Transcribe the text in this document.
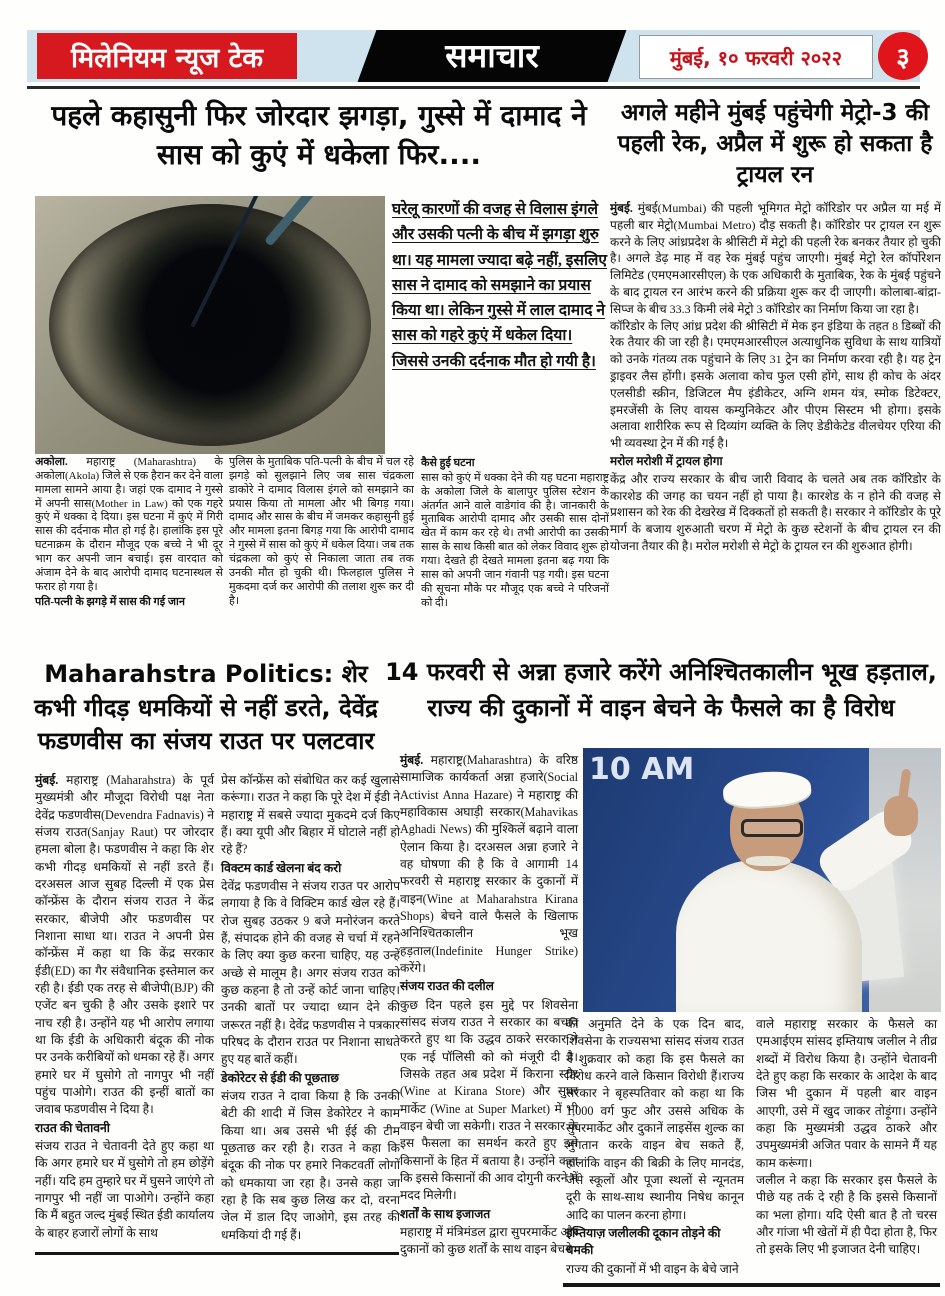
मिलेनियम न्यूज टेक	समाचार	मुंबई, १० फरवरी २०२२ ३
पहले कहासुनी फिर जोरदार झगड़ा, गुस्से में दामाद ने सास को कुएं में धकेला फिर....
घरेलू कारणों की वजह से विलास इंगले और उसकी पत्नी के बीच में झगड़ा शुरु था। यह मामला ज्यादा बढ़े नहीं, इसलिए सास ने दामाद को समझाने का प्रयास किया था। लेकिन गुस्से में लाल दामाद ने सास को गहरे कुएं में धकेल दिया। जिससे उनकी दर्दनाक मौत हो गयी है।

अकोला. महाराष्ट्र (Maharashtra) के अकोला(Akola) जिले से एक हैरान कर देने वाला मामला सामने आया है। जहां एक दामाद ने गुस्से में अपनी सास(Mother in Law) को एक गहरे कुएं में धक्का दे दिया। इस घटना में कुएं में गिरी सास की दर्दनाक मौत हो गई है। हालांकि इस पूरे घटनाक्रम के दौरान मौजूद एक बच्चे ने भी दूर भाग कर अपनी जान बचाई। इस वारदात को अंजाम देने के बाद आरोपी दामाद घटनास्थल से फरार हो गया है।

पति-पत्नी के झगड़े में सास की गई जान

पुलिस के मुताबिक पति-पत्नी के बीच में चल रहे झगड़े को सुलझाने लिए जब सास चंद्रकला डाकोरे ने दामाद विलास इंगले को समझाने का प्रयास किया तो मामला और भी बिगड़ गया। दामाद और सास के बीच में जमकर कहासुनी हुई और मामला इतना बिगड़ गया कि आरोपी दामाद ने गुस्से में सास को कुएं में धकेल दिया। जब तक चंद्रकला को कुएं से निकाला जाता तब तक उनकी मौत हो चुकी थी। फिलहाल पुलिस ने मुकदमा दर्ज कर आरोपी की तलाश शुरू कर दी है।

कैसे हुई घटना

सास को कुएं में धक्का देने की यह घटना महाराष्ट्र के अकोला जिले के बालापुर पुलिस स्टेशन के अंतर्गत आने वाले वाडेगांव की है। जानकारी के मुताबिक आरोपी दामाद और उसकी सास दोनों खेत में काम कर रहे थे। तभी आरोपी का उसकी सास के साथ किसी बात को लेकर विवाद शुरू हो गया। देखते ही देखते मामला इतना बढ़ गया कि सास को अपनी जान गंवानी पड़ गयी। इस घटना की सूचना मौके पर मौजूद एक बच्चे ने परिजनों को दी।

अगले महीने मुंबई पहुंचेगी मेट्रो-3 की पहली रेक, अप्रैल में शुरू हो सकता है ट्रायल रन

मुंबई. मुंबई(Mumbai) की पहली भूमिगत मेट्रो कॉरिडोर पर अप्रैल या मई में पहली बार मेट्रो(Mumbai Metro) दौड़ सकती है। कॉरिडोर पर ट्रायल रन शुरू करने के लिए आंध्रप्रदेश के श्रीसिटी में मेट्रो की पहली रेक बनकर तैयार हो चुकी है। अगले डेढ़ माह में वह रेक मुंबई पहुंच जाएगी। मुंबई मेट्रो रेल कॉर्पोरेशन लिमिटेड (एमएमआरसीएल) के एक अधिकारी के मुताबिक, रेक के मुंबई पहुंचने के बाद ट्रायल रन आरंभ करने की प्रक्रिया शुरू कर दी जाएगी। कोलाबा-बांद्रा-सिप्ज के बीच 33.3 किमी लंबे मेट्रो 3 कॉरिडोर का निर्माण किया जा रहा है।

कॉरिडोर के लिए आंध्र प्रदेश की श्रीसिटी में मेक इन इंडिया के तहत 8 डिब्बों की रेक तैयार की जा रही है। एमएमआरसीएल अत्याधुनिक सुविधा के साथ यात्रियों को उनके गंतव्य तक पहुंचाने के लिए 31 ट्रेन का निर्माण करवा रही है। यह ट्रेन ड्राइवर लैस होंगी। इसके अलावा कोच फुल एसी होंगे, साथ ही कोच के अंदर एलसीडी स्क्रीन, डिजिटल मैप इंडीकेटर, अग्नि शमन यंत्र, स्मोक डिटेक्टर, इमरजेंसी के लिए वायस कम्युनिकेटर और पीएम सिस्टम भी होगा। इसके अलावा शारीरिक रूप से दिव्यांग व्यक्ति के लिए डेडीकेटेड वीलचेयर एरिया की भी व्यवस्था ट्रेन में की गई है।

मरोल मरोशी में ट्रायल होगा

केंद्र और राज्य सरकार के बीच जारी विवाद के चलते अब तक कॉरिडोर के कारशेड की जगह का चयन नहीं हो पाया है। कारशेड के न होने की वजह से प्रशासन को रेक की देखरेख में दिक्कतों हो सकती है। सरकार ने कॉरिडोर के पूरे मार्ग के बजाय शुरुआती चरण में मेट्रो के कुछ स्टेशनों के बीच ट्रायल रन की योजना तैयार की है। मरोल मरोशी से मेट्रो के ट्रायल रन की शुरुआत होगी।

Maharahstra Politics: शेर कभी गीदड़ धमकियों से नहीं डरते, देवेंद्र फडणवीस का संजय राउत पर पलटवार

मुंबई. महाराष्ट्र (Maharahstra) के पूर्व मुख्यमंत्री और मौजूदा विरोधी पक्ष नेता देवेंद्र फडणवीस(Devendra Fadnavis) ने संजय राउत(Sanjay Raut) पर जोरदार हमला बोला है। फडणवीस ने कहा कि शेर कभी गीदड़ धमकियों से नहीं डरते हैं। दरअसल आज सुबह दिल्ली में एक प्रेस कॉन्फ्रेंस के दौरान संजय राउत ने केंद्र सरकार, बीजेपी और फडणवीस पर निशाना साधा था। राउत ने अपनी प्रेस कॉन्फ्रेंस में कहा था कि केंद्र सरकार ईडी(ED) का गैर संवैधानिक इस्तेमाल कर रही है। ईडी एक तरह से बीजेपी(BJP) की एजेंट बन चुकी है और उसके इशारे पर नाच रही है। उन्होंने यह भी आरोप लगाया था कि ईडी के अधिकारी बंदूक की नोक पर उनके करीबियों को धमका रहे हैं। अगर हमारे घर में घुसोगे तो नागपुर भी नहीं पहुंच पाओगे। राउत की इन्हीं बातों का जवाब फडणवीस ने दिया है।

राउत की चेतावनी

संजय राउत ने चेतावनी देते हुए कहा था कि अगर हमारे घर में घुसोगे तो हम छोड़ेंगे नहीं। यदि हम तुम्हारे घर में घुसने जाएंगे तो नागपुर भी नहीं जा पाओगे। उन्होंने कहा कि मैं बहुत जल्द मुंबई स्थित ईडी कार्यालय के बाहर हजारों लोगों के साथ

प्रेस कॉन्फ्रेंस को संबोधित कर कई खुलासे करूंगा। राउत ने कहा कि पूरे देश में ईडी ने महाराष्ट्र में सबसे ज्यादा मुकदमे दर्ज किए हैं। क्या यूपी और बिहार में घोटाले नहीं हो रहे हैं?

विक्टम कार्ड खेलना बंद करो

देवेंद्र फडणवीस ने संजय राउत पर आरोप लगाया है कि वे विक्टिम कार्ड खेल रहे हैं। रोज सुबह उठकर 9 बजे मनोरंजन करते हैं, संपादक होने की वजह से चर्चा में रहने के लिए क्या कुछ करना चाहिए, यह उन्हें अच्छे से मालूम है। अगर संजय राउत को कुछ कहना है तो उन्हें कोर्ट जाना चाहिए। उनकी बातों पर ज्यादा ध्यान देने की जरूरत नहीं है। देवेंद्र फडणवीस ने पत्रकार परिषद के दौरान राउत पर निशाना साधते हुए यह बातें कहीं।

डेकोरेटर से ईडी की पूछताछ

संजय राउत ने दावा किया है कि उनकी बेटी की शादी में जिस डेकोरेटर ने काम किया था। अब उससे भी ईई की टीम पूछताछ कर रही है। राउत ने कहा कि बंदूक की नोक पर हमारे निकटवर्ती लोगों को धमकाया जा रहा है। उनसे कहा जा रहा है कि सब कुछ लिख कर दो, वरना जेल में डाल दिए जाओगे, इस तरह की धमकियां दी गई हैं।

14 फरवरी से अन्ना हजारे करेंगे अनिश्चितकालीन भूख हड़ताल, राज्य की दुकानों में वाइन बेचने के फैसले का है विरोध

मुंबई. महाराष्ट्र(Maharashtra) के वरिष्ठ सामाजिक कार्यकर्ता अन्ना हजारे(Social Activist Anna Hazare) ने महाराष्ट्र की महाविकास अघाड़ी सरकार(Mahavikas Aghadi News) की मुश्किलें बढ़ाने वाला ऐलान किया है। दरअसल अन्ना हजारे ने वह घोषणा की है कि वे आगामी 14 फरवरी से महाराष्ट्र सरकार के दुकानों में वाइन(Wine at Maharahstra Kirana Shops) बेचने वाले फैसले के खिलाफ अनिश्चितकालीन भूख हड़ताल(Indefinite Hunger Strike) करेंगे।

संजय राउत की दलील

कुछ दिन पहले इस मुद्दे पर शिवसेना सांसद संजय राउत ने सरकार का बचाव करते हुए था कि उद्धव ठाकरे सरकार ने एक नई पॉलिसी को को मंजूरी दी है। जिसके तहत अब प्रदेश में किराना स्टोर (Wine at Kirana Store) और सुपर मार्केट (Wine at Super Market) में भी वाइन बेची जा सकेगी। राउत ने सरकार के इस फैसला का समर्थन करते हुए इसे किसानों के हित में बताया है। उन्होंने कहा कि इससे किसानों की आव दोगुनी करने में मदद मिलेगी।

शर्तों के साथ इजाजत

महाराष्ट्र में मंत्रिमंडल द्वारा सुपरमार्केट और दुकानों को कुछ शर्तों के साथ वाइन बेचने

10 AM

की अनुमति देने के एक दिन बाद, शिवसेना के राज्यसभा सांसद संजय राउत ने शुक्रवार को कहा कि इस फैसले का विरोध करने वाले किसान विरोधी हैं।राज्य सरकार ने बृहस्पतिवार को कहा था कि 1,000 वर्ग फुट और उससे अधिक के सुपरमार्केट और दुकानें लाइसेंस शुल्क का भुगतान करके वाइन बेच सकते हैं, हालांकि वाइन की बिक्री के लिए मानदंड, जैसे स्कूलों और पूजा स्थलों से न्यूनतम दूरी के साथ-साथ स्थानीय निषेध कानून आदि का पालन करना होगा।

इम्तियाज़ जलीलकी दूकान तोड़ने की धमकी

राज्य की दुकानों में भी वाइन के बेचे जाने

वाले महाराष्ट्र सरकार के फैसले का एमआईएम सांसद इम्तियाष जलील ने तीव्र शब्दों में विरोध किया है। उन्होंने चेतावनी देते हुए कहा कि सरकार के आदेश के बाद जिस भी दुकान में पहली बार वाइन आएगी, उसे में खुद जाकर तोड़ूंगा। उन्होंने कहा कि मुख्यमंत्री उद्धव ठाकरे और उपमुख्यमंत्री अजित पवार के सामने मैं यह काम करूंगा।

जलील ने कहा कि सरकार इस फैसले के पीछे यह तर्क दे रही है कि इससे किसानों का भला होगा। यदि ऐसी बात है तो चरस और गांजा भी खेतों में ही पैदा होता है, फिर तो इसके लिए भी इजाजत देनी चाहिए।
